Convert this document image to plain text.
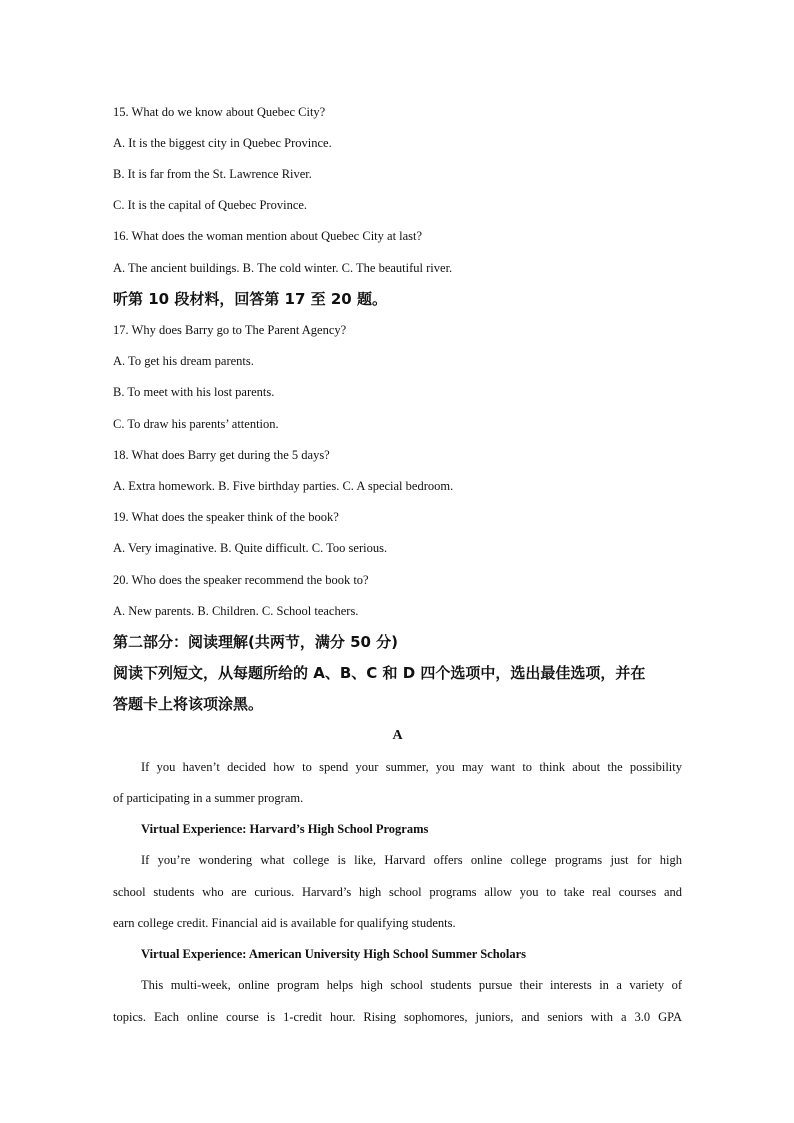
15. What do we know about Quebec City?
A. It is the biggest city in Quebec Province.
B. It is far from the St. Lawrence River.
C. It is the capital of Quebec Province.
16. What does the woman mention about Quebec City at last?
A. The ancient buildings. B. The cold winter. C. The beautiful river.
听第 10 段材料，回答第 17 至 20 题。
17. Why does Barry go to The Parent Agency?
A. To get his dream parents.
B. To meet with his lost parents.
C. To draw his parents’ attention.
18. What does Barry get during the 5 days?
A. Extra homework. B. Five birthday parties. C. A special bedroom.
19. What does the speaker think of the book?
A. Very imaginative. B. Quite difficult. C. Too serious.
20. Who does the speaker recommend the book to?
A. New parents. B. Children. C. School teachers.
第二部分：阅读理解(共两节，满分 50 分)
阅读下列短文，从每题所给的 A、B、C 和 D 四个选项中，选出最佳选项，并在
答题卡上将该项涂黑。
A
If you haven’t decided how to spend your summer, you may want to think about the possibility
of participating in a summer program.
Virtual Experience: Harvard’s High School Programs
If you’re wondering what college is like, Harvard offers online college programs just for high
school students who are curious. Harvard’s high school programs allow you to take real courses and
earn college credit. Financial aid is available for qualifying students.
Virtual Experience: American University High School Summer Scholars
This multi-week, online program helps high school students pursue their interests in a variety of
topics. Each online course is 1-credit hour. Rising sophomores, juniors, and seniors with a 3.0 GPA
